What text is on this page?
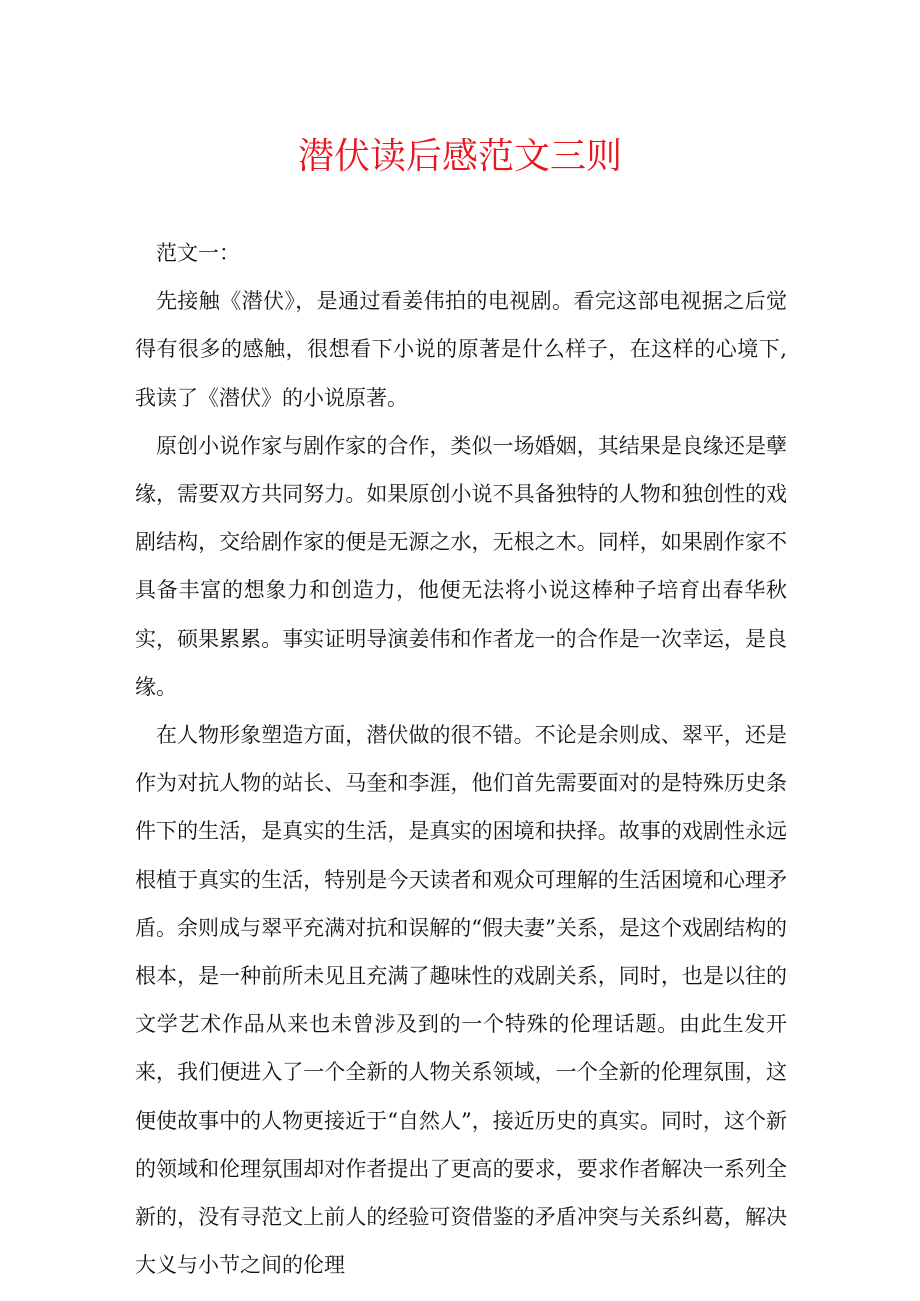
潜伏读后感范文三则

范文一：

先接触《潜伏》，是通过看姜伟拍的电视剧。看完这部电视据之后觉得有很多的感触，很想看下小说的原著是什么样子，在这样的心境下,我读了《潜伏》的小说原著。

原创小说作家与剧作家的合作，类似一场婚姻，其结果是良缘还是孽缘，需要双方共同努力。如果原创小说不具备独特的人物和独创性的戏剧结构，交给剧作家的便是无源之水，无根之木。同样，如果剧作家不具备丰富的想象力和创造力，他便无法将小说这棒种子培育出春华秋实，硕果累累。事实证明导演姜伟和作者龙一的合作是一次幸运，是良缘。

在人物形象塑造方面，潜伏做的很不错。不论是余则成、翠平，还是作为对抗人物的站长、马奎和李涯，他们首先需要面对的是特殊历史条件下的生活，是真实的生活，是真实的困境和抉择。故事的戏剧性永远根植于真实的生活，特别是今天读者和观众可理解的生活困境和心理矛盾。余则成与翠平充满对抗和误解的“假夫妻”关系，是这个戏剧结构的根本，是一种前所未见且充满了趣味性的戏剧关系，同时，也是以往的文学艺术作品从来也未曾涉及到的一个特殊的伦理话题。由此生发开来，我们便进入了一个全新的人物关系领域，一个全新的伦理氛围，这便使故事中的人物更接近于“自然人”，接近历史的真实。同时，这个新的领域和伦理氛围却对作者提出了更高的要求，要求作者解决一系列全新的，没有寻范文上前人的经验可资借鉴的矛盾冲突与关系纠葛，解决大义与小节之间的伦理
